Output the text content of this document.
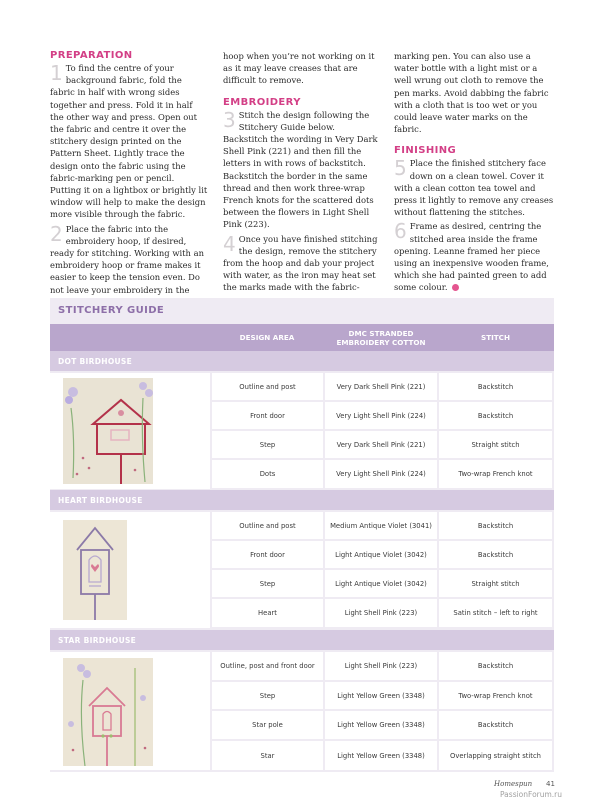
PREPARATION

1 To find the centre of your background fabric, fold the fabric in half with wrong sides together and press. Fold it in half the other way and press. Open out the fabric and centre it over the stitchery design printed on the Pattern Sheet. Lightly trace the design onto the fabric using the fabric-marking pen or pencil. Putting it on a lightbox or brightly lit window will help to make the design more visible through the fabric.

2 Place the fabric into the embroidery hoop, if desired, ready for stitching. Working with an embroidery hoop or frame makes it easier to keep the tension even. Do not leave your embroidery in the

hoop when you’re not working on it as it may leave creases that are difficult to remove.

EMBROIDERY

3 Stitch the design following the Stitchery Guide below. Backstitch the wording in Very Dark Shell Pink (221) and then fill the letters in with rows of backstitch. Backstitch the border in the same thread and then work three-wrap French knots for the scattered dots between the flowers in Light Shell Pink (223).

4 Once you have finished stitching the design, remove the stitchery from the hoop and dab your project with water, as the iron may heat set the marks made with the fabric-

marking pen. You can also use a water bottle with a light mist or a well wrung out cloth to remove the pen marks. Avoid dabbing the fabric with a cloth that is too wet or you could leave water marks on the fabric.

FINISHING

5 Place the finished stitchery face down on a clean towel. Cover it with a clean cotton tea towel and press it lightly to remove any creases without flattening the stitches.

6 Frame as desired, centring the stitched area inside the frame opening. Leanne framed her piece using an inexpensive wooden frame, which she had painted green to add some colour.

STITCHERY GUIDE
DESIGN AREA	DMC STRANDED EMBROIDERY COTTON	STITCH
DOT BIRDHOUSE
Outline and post	Very Dark Shell Pink (221)	Backstitch
Front door	Very Light Shell Pink (224)	Backstitch
Step	Very Dark Shell Pink (221)	Straight stitch
Dots	Very Light Shell Pink (224)	Two-wrap French knot
HEART BIRDHOUSE
Outline and post	Medium Antique Violet (3041)	Backstitch
Front door	Light Antique Violet (3042)	Backstitch
Step	Light Antique Violet (3042)	Straight stitch
Heart	Light Shell Pink (223)	Satin stitch – left to right
STAR BIRDHOUSE
Outline, post and front door	Light Shell Pink (223)	Backstitch
Step	Light Yellow Green (3348)	Two-wrap French knot
Star pole	Light Yellow Green (3348)	Backstitch
Star	Light Yellow Green (3348)	Overlapping straight stitch
Homespun 41
PassionForum.ru
